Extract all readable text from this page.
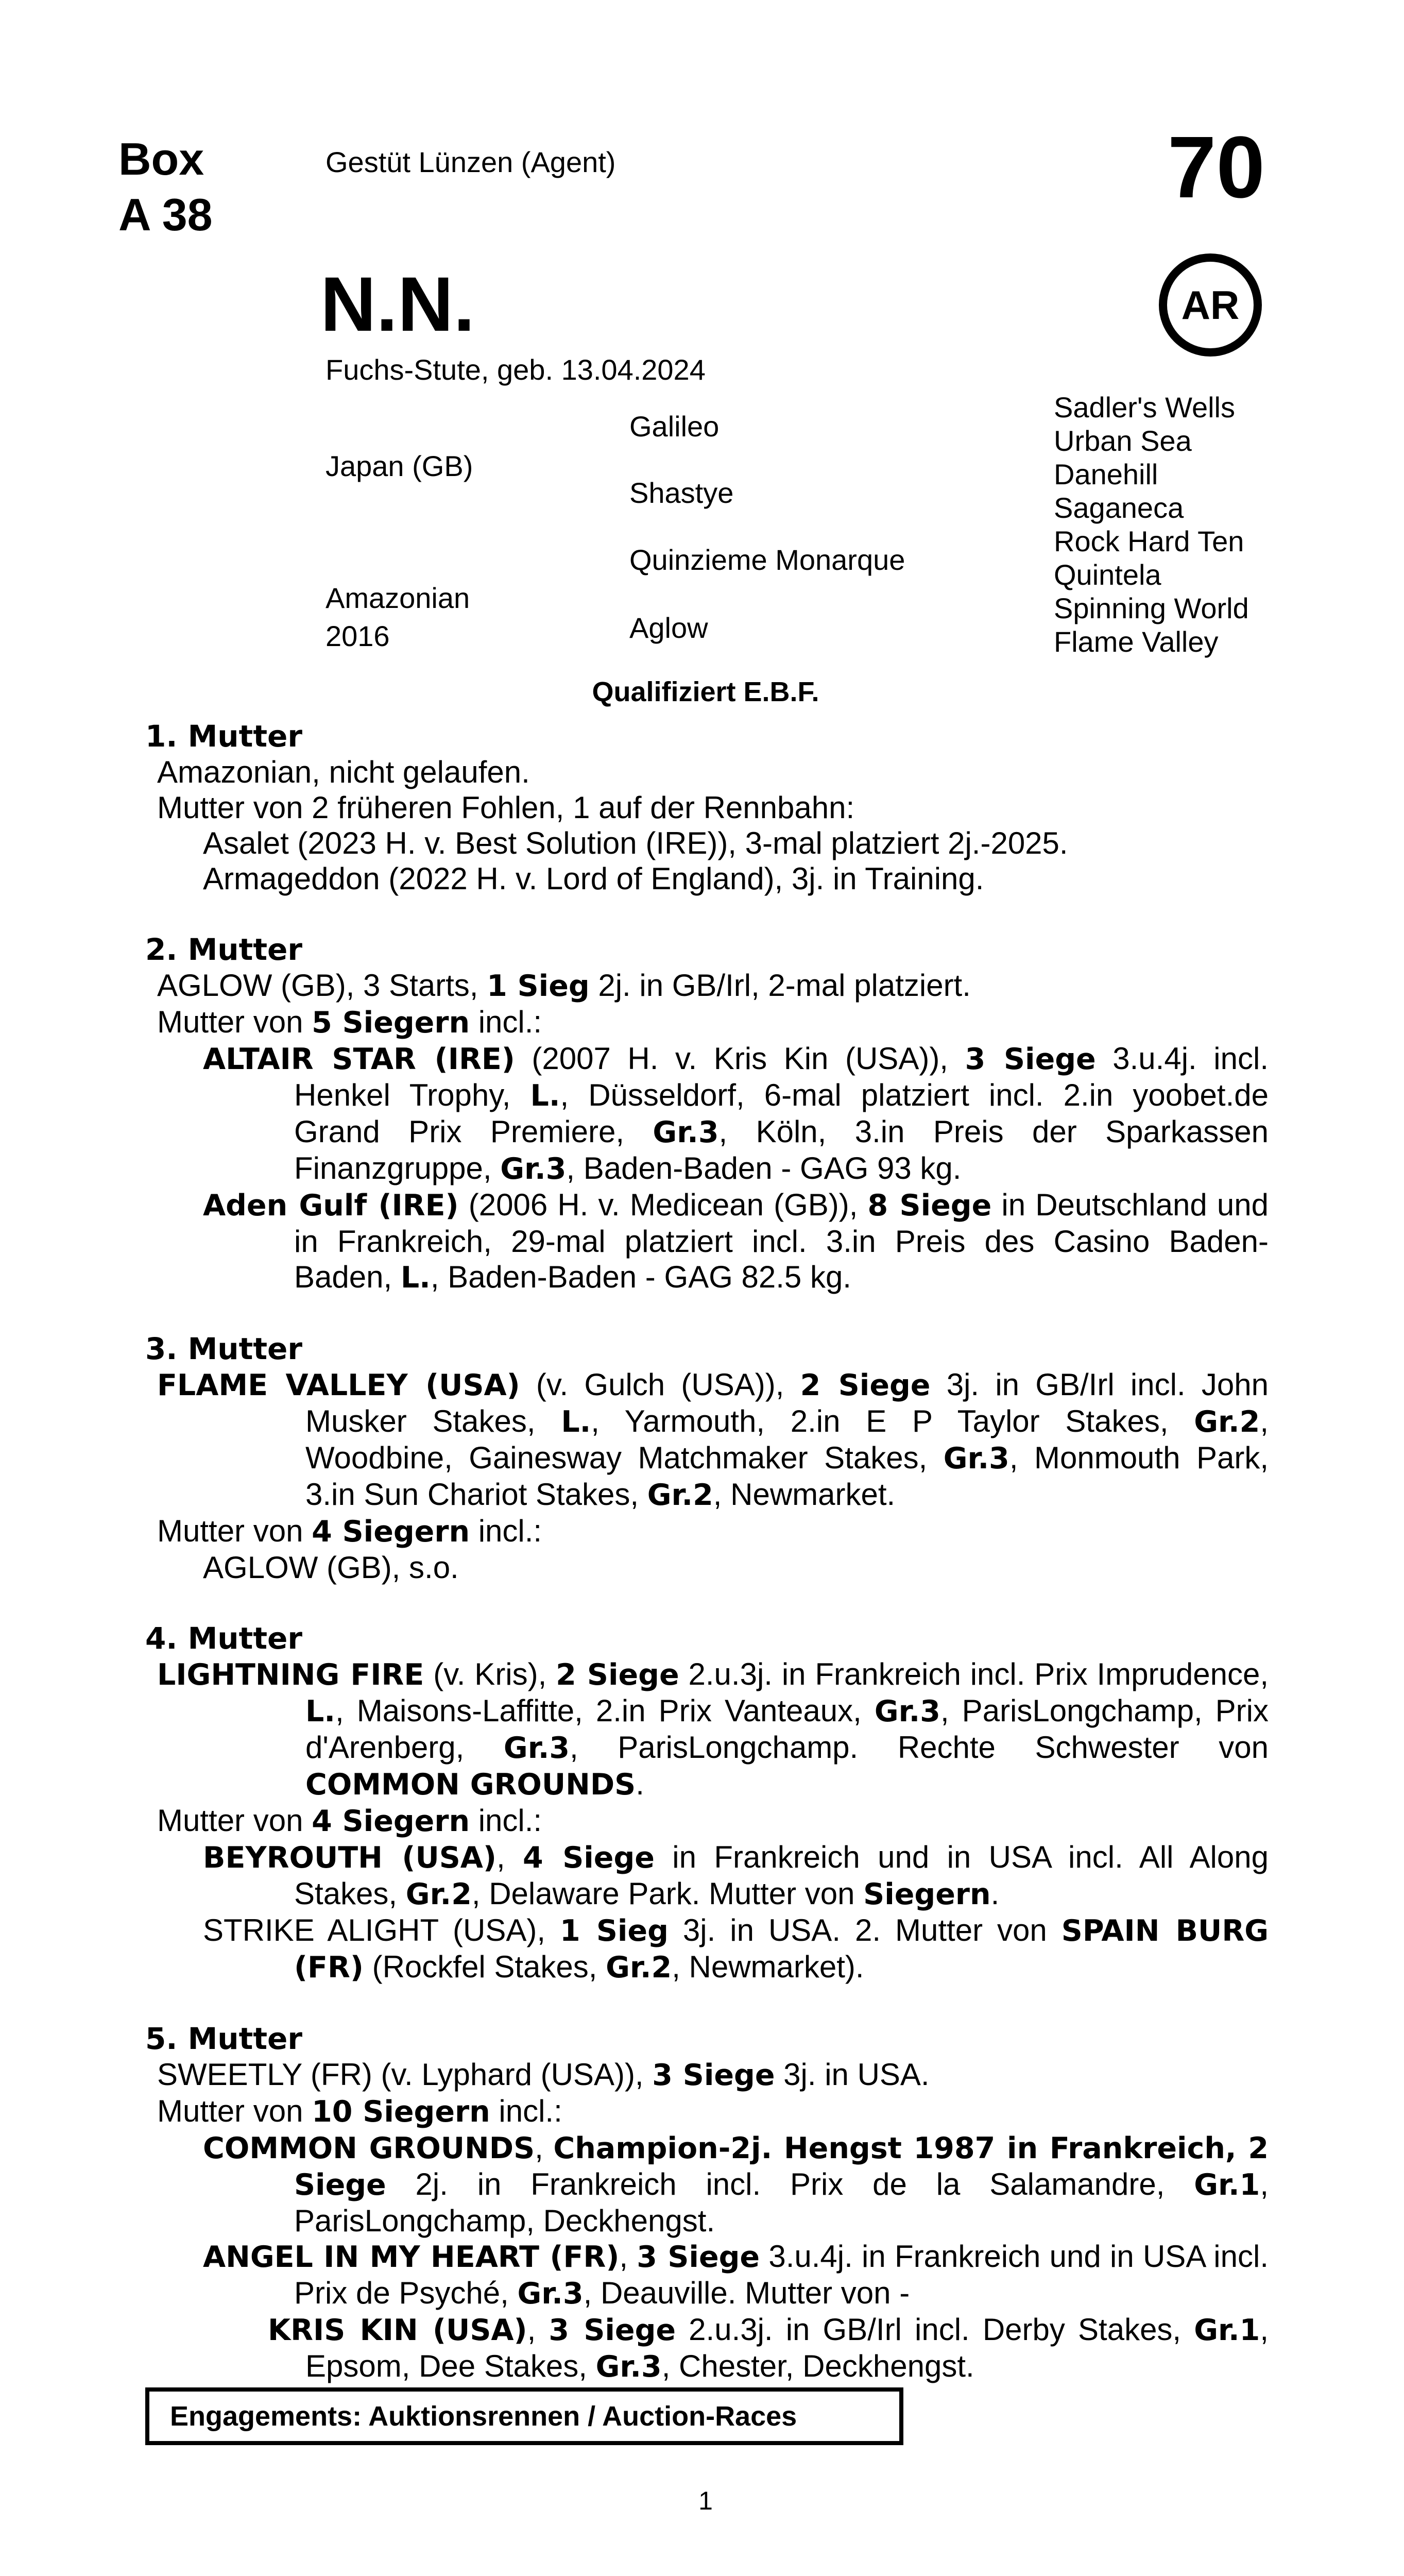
Box
A 38
Gestüt Lünzen (Agent)	70
N.N.	AR
Fuchs-Stute, geb. 13.04.2024
Japan (GB)
Amazonian
2016
Galileo
Shastye
Quinzieme Monarque
Aglow
Sadler's Wells
Urban Sea
Danehill
Saganeca
Rock Hard Ten
Quintela
Spinning World
Flame Valley
Qualifiziert E.B.F.
1. Mutter

Amazonian, nicht gelaufen.

Mutter von 2 früheren Fohlen, 1 auf der Rennbahn:

Asalet (2023 H. v. Best Solution (IRE)), 3-mal platziert 2j.-2025.

Armageddon (2022 H. v. Lord of England), 3j. in Training.

2. Mutter

AGLOW (GB), 3 Starts, 1 Sieg 2j. in GB/Irl, 2-mal platziert.

Mutter von 5 Siegern incl.:

ALTAIR STAR (IRE) (2007 H. v. Kris Kin (USA)), 3 Siege 3.u.4j. incl. Henkel Trophy, L., Düsseldorf, 6-mal platziert incl. 2.in yoobet.de Grand Prix Premiere, Gr.3, Köln, 3.in Preis der Sparkassen Finanzgruppe, Gr.3, Baden-Baden - GAG 93 kg.

Aden Gulf (IRE) (2006 H. v. Medicean (GB)), 8 Siege in Deutschland und in Frankreich, 29-mal platziert incl. 3.in Preis des Casino Baden-Baden, L., Baden-Baden - GAG 82.5 kg.

3. Mutter

FLAME VALLEY (USA) (v. Gulch (USA)), 2 Siege 3j. in GB/Irl incl. John Musker Stakes, L., Yarmouth, 2.in E P Taylor Stakes, Gr.2, Woodbine, Gainesway Matchmaker Stakes, Gr.3, Monmouth Park, 3.in Sun Chariot Stakes, Gr.2, Newmarket.

Mutter von 4 Siegern incl.:

AGLOW (GB), s.o.

4. Mutter

LIGHTNING FIRE (v. Kris), 2 Siege 2.u.3j. in Frankreich incl. Prix Imprudence, L., Maisons-Laffitte, 2.in Prix Vanteaux, Gr.3, ParisLongchamp, Prix d'Arenberg, Gr.3, ParisLongchamp. Rechte Schwester von COMMON GROUNDS.

Mutter von 4 Siegern incl.:

BEYROUTH (USA), 4 Siege in Frankreich und in USA incl. All Along Stakes, Gr.2, Delaware Park. Mutter von Siegern.

STRIKE ALIGHT (USA), 1 Sieg 3j. in USA. 2. Mutter von SPAIN BURG (FR) (Rockfel Stakes, Gr.2, Newmarket).

5. Mutter

SWEETLY (FR) (v. Lyphard (USA)), 3 Siege 3j. in USA.

Mutter von 10 Siegern incl.:

COMMON GROUNDS, Champion-2j. Hengst 1987 in Frankreich, 2 Siege 2j. in Frankreich incl. Prix de la Salamandre, Gr.1, ParisLongchamp, Deckhengst.

ANGEL IN MY HEART (FR), 3 Siege 3.u.4j. in Frankreich und in USA incl. Prix de Psyché, Gr.3, Deauville. Mutter von -

KRIS KIN (USA), 3 Siege 2.u.3j. in GB/Irl incl. Derby Stakes, Gr.1, Epsom, Dee Stakes, Gr.3, Chester, Deckhengst.

Engagements: Auktionsrennen / Auction-Races
1
